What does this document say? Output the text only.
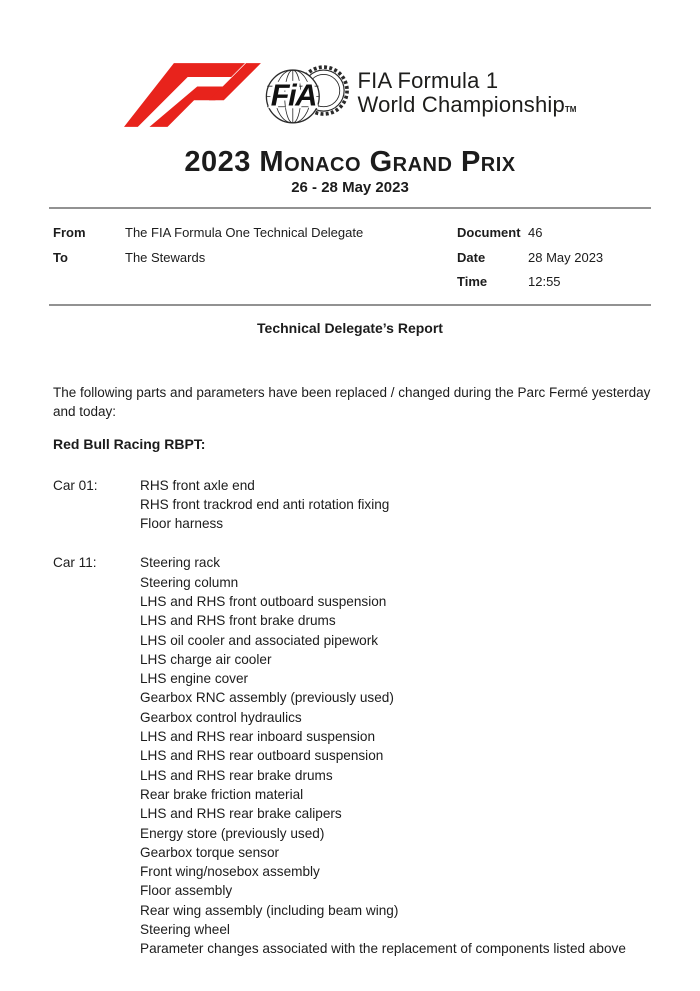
FiA FIA Formula 1
World ChampionshipTM
2023 Monaco Grand Prix
26 - 28 May 2023
From	The FIA Formula One Technical Delegate
To	The Stewards
Document 46
Date	28 May 2023
Time	12:55
Technical Delegate’s Report

The following parts and parameters have been replaced / changed during the Parc Fermé yesterday and today:

Red Bull Racing RBPT:
Car 01:	RHS front axle end
RHS front trackrod end anti rotation fixing
Floor harness
Car 11:	Steering rack
Steering column
LHS and RHS front outboard suspension
LHS and RHS front brake drums
LHS oil cooler and associated pipework
LHS charge air cooler
LHS engine cover
Gearbox RNC assembly (previously used)
Gearbox control hydraulics
LHS and RHS rear inboard suspension
LHS and RHS rear outboard suspension
LHS and RHS rear brake drums
Rear brake friction material
LHS and RHS rear brake calipers
Energy store (previously used)
Gearbox torque sensor
Front wing/nosebox assembly
Floor assembly
Rear wing assembly (including beam wing)
Steering wheel
Parameter changes associated with the replacement of components listed above
